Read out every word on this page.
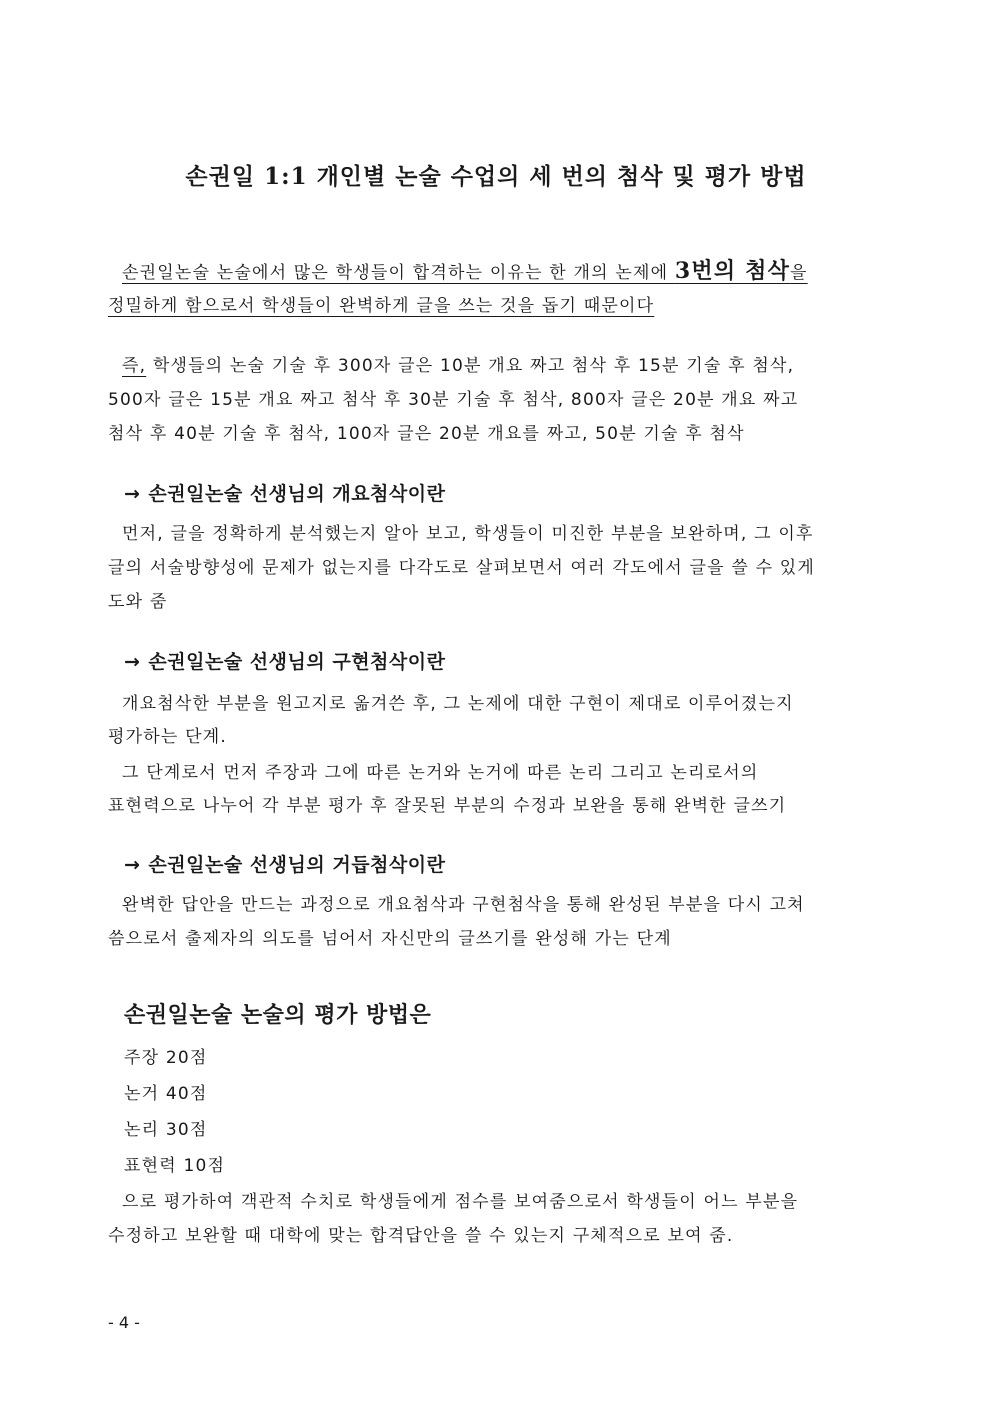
손권일 1:1 개인별 논술 수업의 세 번의 첨삭 및 평가 방법
손권일논술 논술에서 많은 학생들이 합격하는 이유는 한 개의 논제에 3번의 첨삭을
정밀하게 함으로서 학생들이 완벽하게 글을 쓰는 것을 돕기 때문이다
즉, 학생들의 논술 기술 후 300자 글은 10분 개요 짜고 첨삭 후 15분 기술 후 첨삭,
500자 글은 15분 개요 짜고 첨삭 후 30분 기술 후 첨삭, 800자 글은 20분 개요 짜고
첨삭 후 40분 기술 후 첨삭, 100자 글은 20분 개요를 짜고, 50분 기술 후 첨삭
→ 손권일논술 선생님의 개요첨삭이란
먼저, 글을 정확하게 분석했는지 알아 보고, 학생들이 미진한 부분을 보완하며, 그 이후
글의 서술방향성에 문제가 없는지를 다각도로 살펴보면서 여러 각도에서 글을 쓸 수 있게
도와 줌
→ 손권일논술 선생님의 구현첨삭이란
개요첨삭한 부분을 원고지로 옮겨쓴 후, 그 논제에 대한 구현이 제대로 이루어졌는지
평가하는 단계.
그 단계로서 먼저 주장과 그에 따른 논거와 논거에 따른 논리 그리고 논리로서의
표현력으로 나누어 각 부분 평가 후 잘못된 부분의 수정과 보완을 통해 완벽한 글쓰기
→ 손권일논술 선생님의 거듭첨삭이란
완벽한 답안을 만드는 과정으로 개요첨삭과 구현첨삭을 통해 완성된 부분을 다시 고쳐
씀으로서 출제자의 의도를 넘어서 자신만의 글쓰기를 완성해 가는 단계
손권일논술 논술의 평가 방법은
주장 20점
논거 40점
논리 30점
표현력 10점
으로 평가하여 객관적 수치로 학생들에게 점수를 보여줌으로서 학생들이 어느 부분을
수정하고 보완할 때 대학에 맞는 합격답안을 쓸 수 있는지 구체적으로 보여 줌.
- 4 -
